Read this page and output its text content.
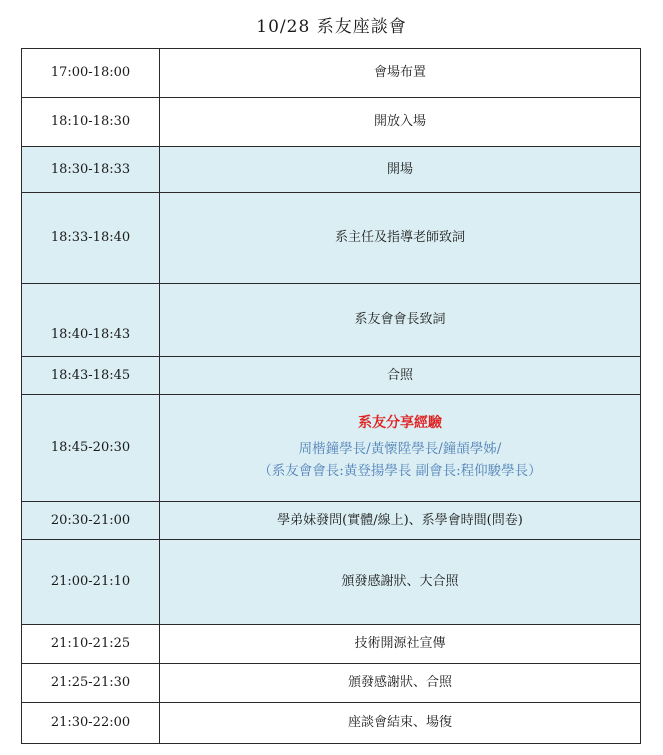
10/28 系友座談會
17:00-18:00	會場布置
18:10-18:30	開放入場
18:30-18:33	開場
18:33-18:40	系主任及指導老師致詞
18:40-18:43	系友會會長致詞
18:43-18:45	合照
18:45-20:30	系友分享經驗
周楷鐘學長/黃懷陞學長/鐘頡學姊/
（系友會會長:黃登揚學長 副會長:程仰駿學長）

20:30-21:00	學弟妹發問(實體/線上)、系學會時間(問卷)
21:00-21:10	頒發感謝狀、大合照
21:10-21:25	技術開源社宣傳
21:25-21:30	頒發感謝狀、合照
21:30-22:00	座談會結束、場復
